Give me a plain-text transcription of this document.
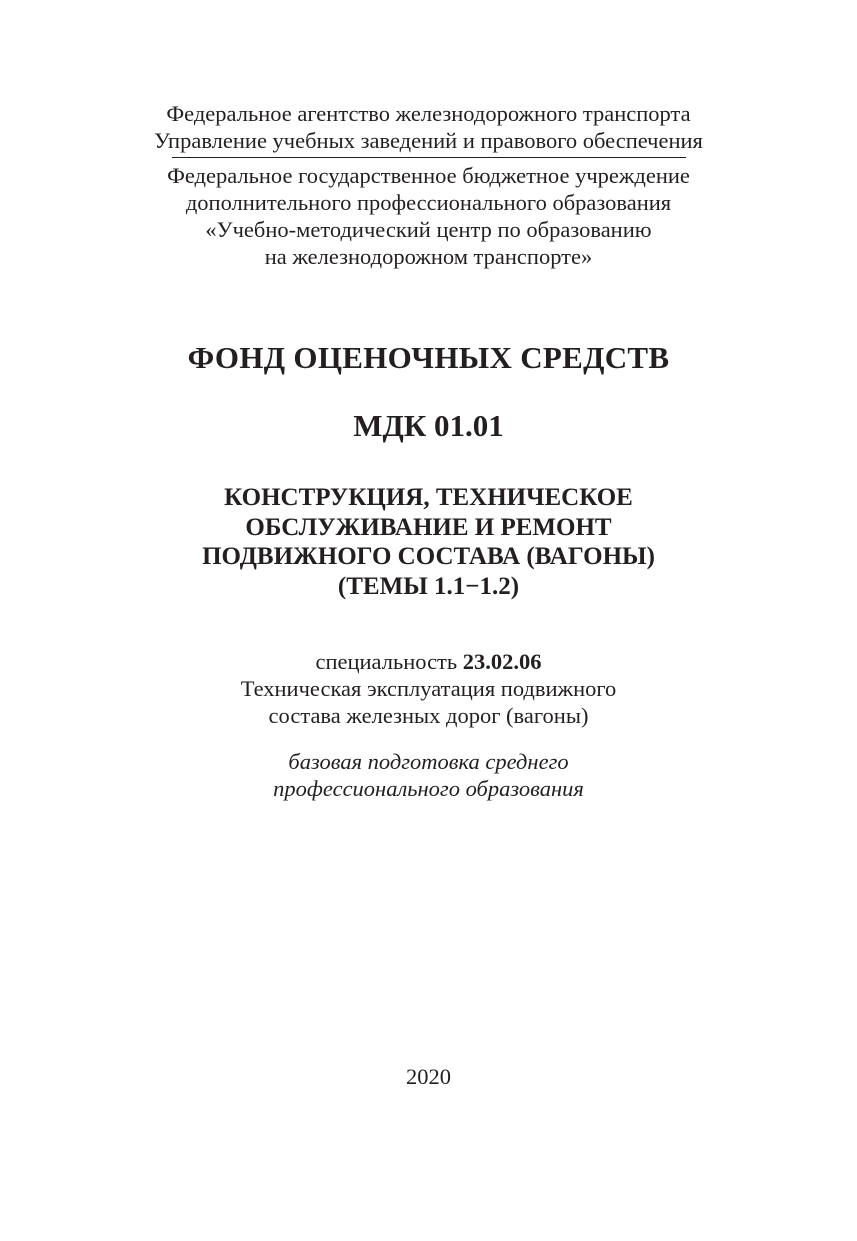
Федеральное агентство железнодорожного транспорта
Управление учебных заведений и правового обеспечения
Федеральное государственное бюджетное учреждение
дополнительного профессионального образования
«Учебно-методический центр по образованию
на железнодорожном транспорте»
ФОНД ОЦЕНОЧНЫХ СРЕДСТВ
МДК 01.01
КОНСТРУКЦИЯ, ТЕХНИЧЕСКОЕ
ОБСЛУЖИВАНИЕ И РЕМОНТ
ПОДВИЖНОГО СОСТАВА (ВАГОНЫ)
(ТЕМЫ 1.1−1.2)
специальность 23.02.06
Техническая эксплуатация подвижного
состава железных дорог (вагоны)
базовая подготовка среднего
профессионального образования
2020
